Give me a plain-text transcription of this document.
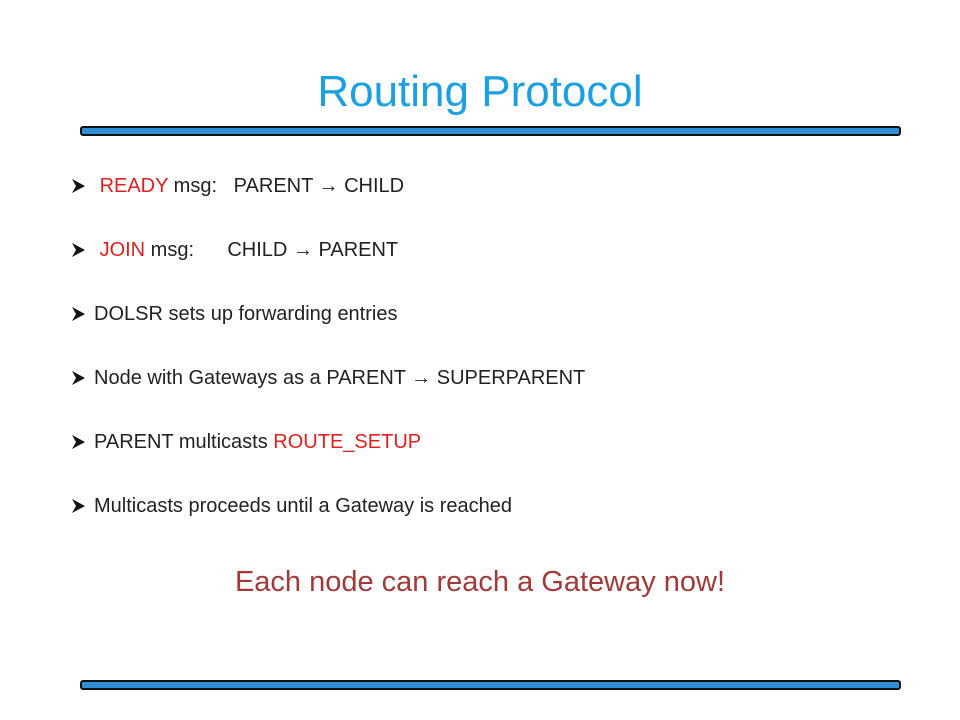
Routing Protocol

READY msg:   PARENT → CHILD

JOIN msg:      CHILD → PARENT

DOLSR sets up forwarding entries

Node with Gateways as a PARENT → SUPERPARENT

PARENT multicasts ROUTE_SETUP

Multicasts proceeds until a Gateway is reached

Each node can reach a Gateway now!
